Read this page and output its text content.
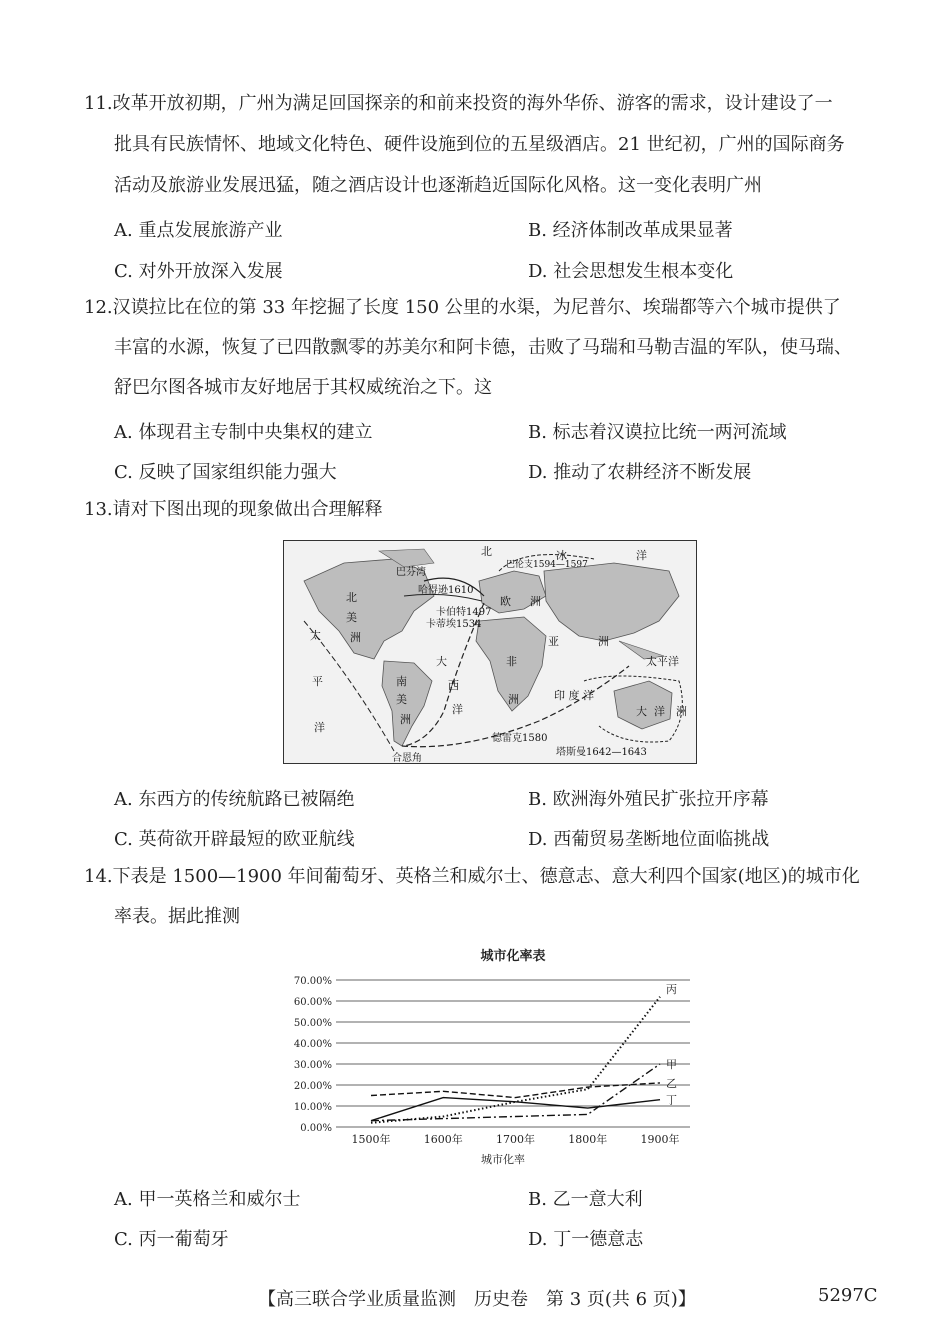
11.改革开放初期，广州为满足回国探亲的和前来投资的海外华侨、游客的需求，设计建设了一
批具有民族情怀、地域文化特色、硬件设施到位的五星级酒店。21 世纪初，广州的国际商务
活动及旅游业发展迅猛，随之酒店设计也逐渐趋近国际化风格。这一变化表明广州
A. 重点发展旅游产业	B. 经济体制改革成果显著
C. 对外开放深入发展	D. 社会思想发生根本变化
12.汉谟拉比在位的第 33 年挖掘了长度 150 公里的水渠，为尼普尔、埃瑞都等六个城市提供了
丰富的水源，恢复了已四散飘零的苏美尔和阿卡德，击败了马瑞和马勒吉温的军队，使马瑞、
舒巴尔图各城市友好地居于其权威统治之下。这
A. 体现君主专制中央集权的建立	B. 标志着汉谟拉比统一两河流域
C. 反映了国家组织能力强大	D. 推动了农耕经济不断发展
13.请对下图出现的现象做出合理解释
北	冰	洋
北
美
洲
欧 洲
亚	洲
非
洲
南
美
洲
大 洋 洲
太
平
洋
太平洋
印 度 洋
大
西
洋
巴芬湾
哈得逊1610
巴伦支1594—1597
卡伯特1497
卡蒂埃1534
德雷克1580
塔斯曼1642—1643
合恩角
A. 东西方的传统航路已被隔绝	B. 欧洲海外殖民扩张拉开序幕
C. 英荷欲开辟最短的欧亚航线	D. 西葡贸易垄断地位面临挑战
14.下表是 1500—1900 年间葡萄牙、英格兰和威尔士、德意志、意大利四个国家(地区)的城市化
率表。据此推测
城市化率表
0.00%
10.00%
20.00%
30.00%
40.00%
50.00%
60.00%
70.00%
1500年	1600年	1700年	1800年	1900年
城市化率
甲
乙
丙
丁
A. 甲一英格兰和威尔士	B. 乙一意大利
C. 丙一葡萄牙	D. 丁一德意志
【高三联合学业质量监测　历史卷　第 3 页(共 6 页)】	5297C
